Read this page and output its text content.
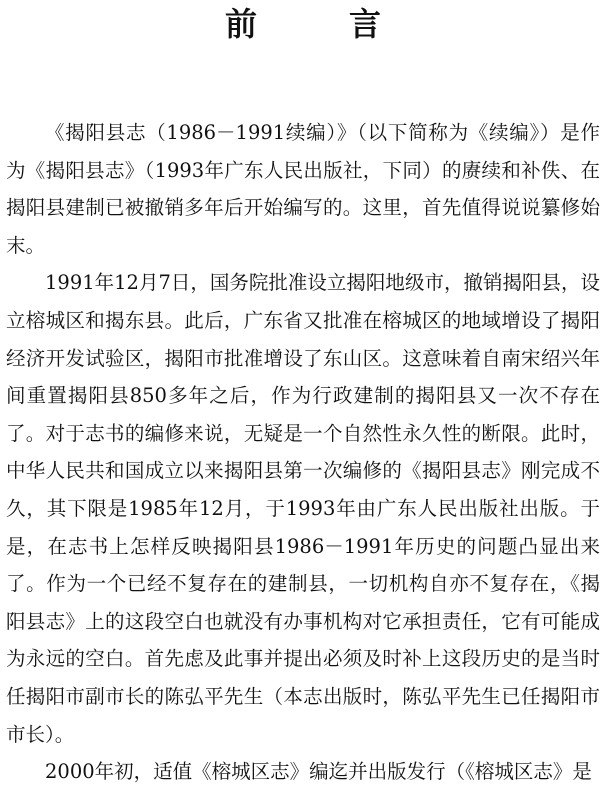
前　言

《揭阳县志（1986－1991续编）》（以下简称为《续编》）是作为《揭阳县志》（1993年广东人民出版社，下同）的赓续和补佚、在揭阳县建制已被撤销多年后开始编写的。这里，首先值得说说纂修始末。

1991年12月7日，国务院批准设立揭阳地级市，撤销揭阳县，设立榕城区和揭东县。此后，广东省又批准在榕城区的地域增设了揭阳经济开发试验区，揭阳市批准增设了东山区。这意味着自南宋绍兴年间重置揭阳县850多年之后，作为行政建制的揭阳县又一次不存在了。对于志书的编修来说，无疑是一个自然性永久性的断限。此时，中华人民共和国成立以来揭阳县第一次编修的《揭阳县志》刚完成不久，其下限是1985年12月，于1993年由广东人民出版社出版。于是，在志书上怎样反映揭阳县1986－1991年历史的问题凸显出来了。作为一个已经不复存在的建制县，一切机构自亦不复存在，《揭阳县志》上的这段空白也就没有办事机构对它承担责任，它有可能成为永远的空白。首先虑及此事并提出必须及时补上这段历史的是当时任揭阳市副市长的陈弘平先生（本志出版时，陈弘平先生已任揭阳市市长）。

2000年初，适值《榕城区志》编迄并出版发行（《榕城区志》是
